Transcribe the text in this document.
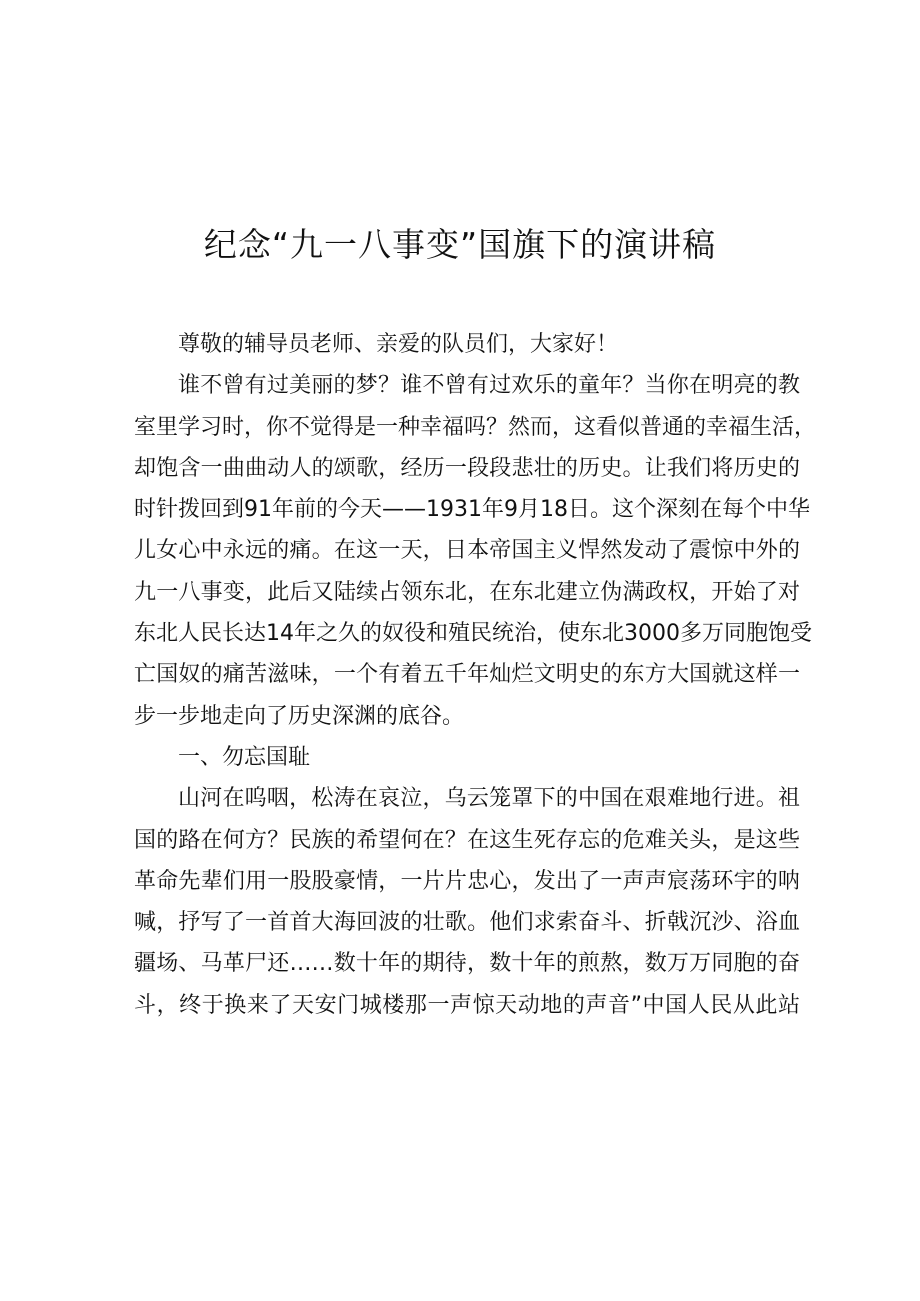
纪念“九一八事变”国旗下的演讲稿
尊敬的辅导员老师、亲爱的队员们，大家好！
谁不曾有过美丽的梦？谁不曾有过欢乐的童年？当你在明亮的教
室里学习时，你不觉得是一种幸福吗？然而，这看似普通的幸福生活，
却饱含一曲曲动人的颂歌，经历一段段悲壮的历史。让我们将历史的
时针拨回到91年前的今天——1931年9月18日。这个深刻在每个中华
儿女心中永远的痛。在这一天，日本帝国主义悍然发动了震惊中外的
九一八事变，此后又陆续占领东北，在东北建立伪满政权，开始了对
东北人民长达14年之久的奴役和殖民统治，使东北3000多万同胞饱受
亡国奴的痛苦滋味，一个有着五千年灿烂文明史的东方大国就这样一
步一步地走向了历史深渊的底谷。
一、勿忘国耻
山河在呜咽，松涛在哀泣，乌云笼罩下的中国在艰难地行进。祖
国的路在何方？民族的希望何在？在这生死存忘的危难关头，是这些
革命先辈们用一股股豪情，一片片忠心，发出了一声声宸荡环宇的呐
喊，抒写了一首首大海回波的壮歌。他们求索奋斗、折戟沉沙、浴血
疆场、马革尸还……数十年的期待，数十年的煎熬，数万万同胞的奋
斗，终于换来了天安门城楼那一声惊天动地的声音”中国人民从此站
